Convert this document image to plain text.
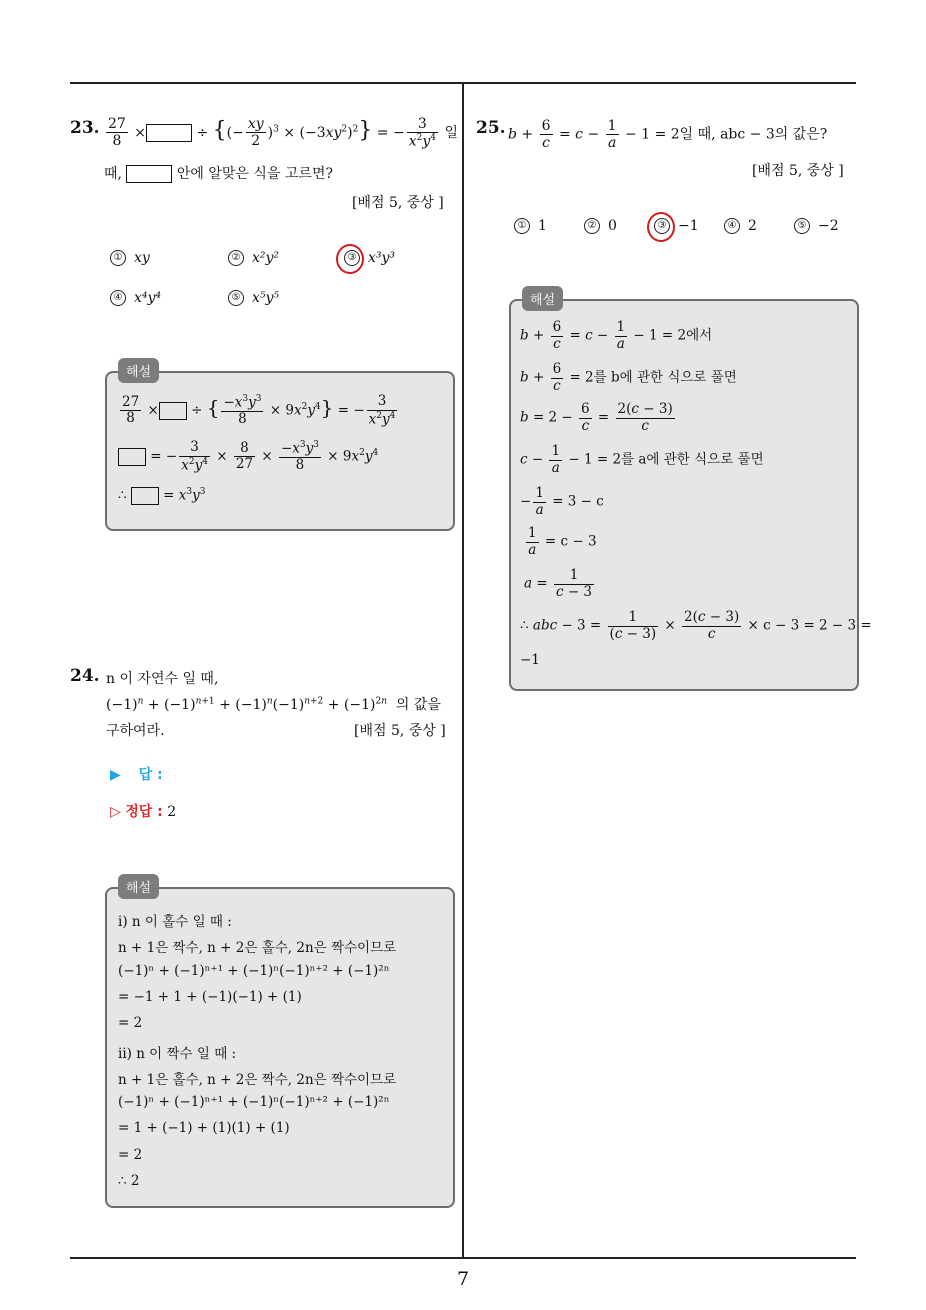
23. $\frac{27}{8}$ ×	÷ {(− $\frac{xy}{2} )^3 \times (-3xy^2)^2$} = − $\frac{3}{x^2y^4}$ 일
때,	안에 알맞은 식을 고르면?
[배점 5, 중상 ]
① xy	② x²y²	③ x³y³
④ x⁴y⁴	⑤ x⁵y⁵
해설
$\frac{27}{8}$ × ÷ { $\frac{-x^3y^3}{8} \times 9x^2y^4$} = − $\frac{3}{x^2y^4}$
= − $\frac{3}{x^2y^4} \times \frac{8}{27} \times \frac{-x^3y^3}{8} \times 9x^2y^4$
∴  = $x^3y^3$
24. n 이 자연수 일 때,
$(-1)^n + (-1)^{n+1} + (-1)^n(-1)^{n+2} + (-1)^{2n}$ 의 값을
구하여라.	[배점 5, 중상 ]
▶ 답 :
▷ 정답 : 2
해설
i) n 이 홀수 일 때 :
n + 1은 짝수, n + 2은 홀수, 2n은 짝수이므로
(−1)ⁿ + (−1)ⁿ⁺¹ + (−1)ⁿ(−1)ⁿ⁺² + (−1)²ⁿ
= −1 + 1 + (−1)(−1) + (1)
= 2
ii) n 이 짝수 일 때 :
n + 1은 홀수, n + 2은 짝수, 2n은 짝수이므로
(−1)ⁿ + (−1)ⁿ⁺¹ + (−1)ⁿ(−1)ⁿ⁺² + (−1)²ⁿ
= 1 + (−1) + (1)(1) + (1)
= 2
∴ 2
25. $b + \frac{6}{c} = c - \frac{1}{a} - 1 = 2$일 때, abc − 3의 값은?
[배점 5, 중상 ]
① 1	② 0	③ −1	④ 2	⑤ −2
해설
$b + \frac{6}{c} = c - \frac{1}{a} - 1 = 2$에서
$b + \frac{6}{c} = 2$를 b에 관한 식으로 풀면
$b = 2 - \frac{6}{c} = \frac{2(c - 3)}{c}$
$c - \frac{1}{a} - 1 = 2$를 a에 관한 식으로 풀면
− $\frac{1}{a} = 3 - c$
$\frac{1}{a} = c - 3$
$a = \frac{1}{c - 3}$
∴ abc − $3 = \frac{1}{(c - 3)} \times \frac{2(c - 3)}{c} \times c - 3 = 2 - 3$ =
−1
7
